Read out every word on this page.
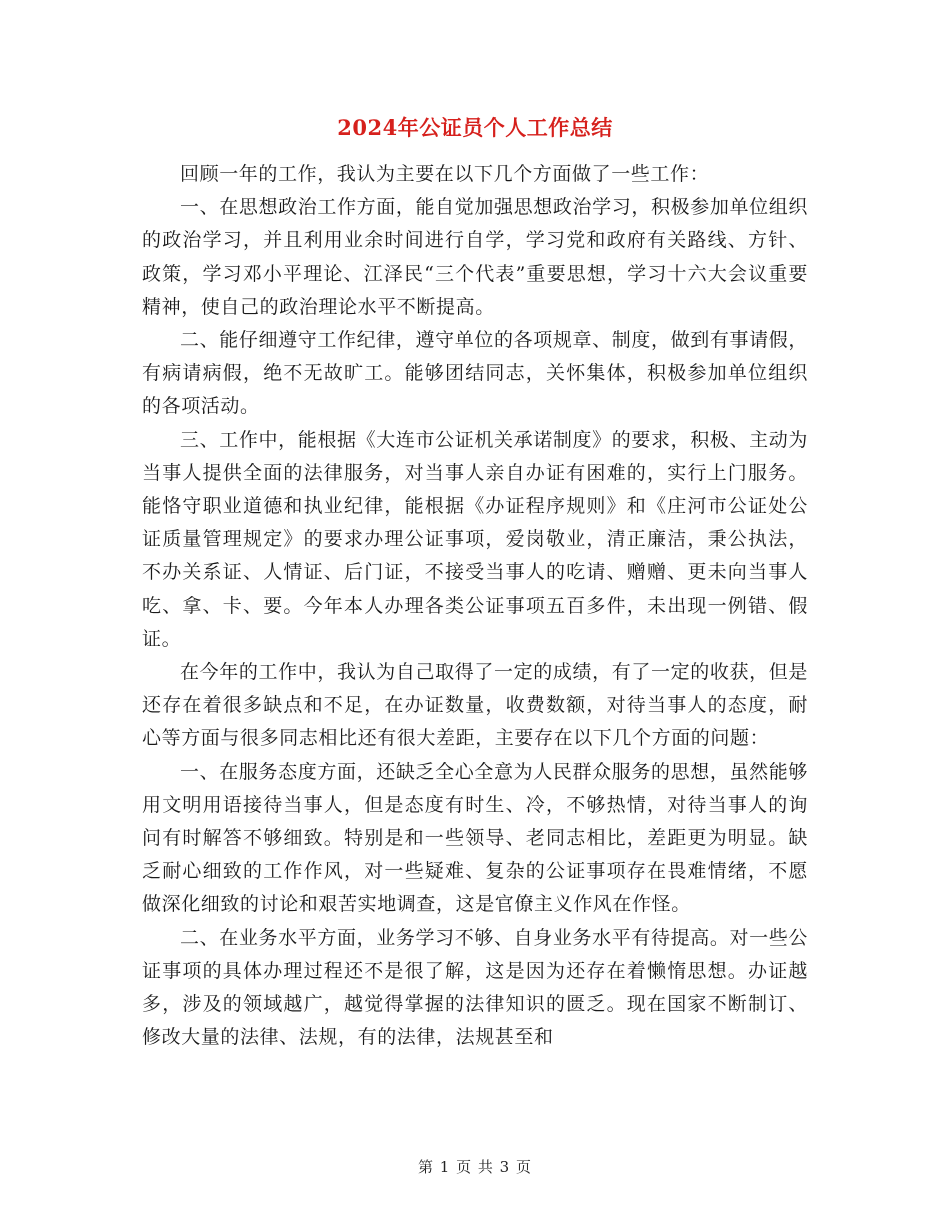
2024年公证员个人工作总结

回顾一年的工作，我认为主要在以下几个方面做了一些工作：

一、在思想政治工作方面，能自觉加强思想政治学习，积极参加单位组织的政治学习，并且利用业余时间进行自学，学习党和政府有关路线、方针、政策，学习邓小平理论、江泽民“三个代表”重要思想，学习十六大会议重要精神，使自己的政治理论水平不断提高。

二、能仔细遵守工作纪律，遵守单位的各项规章、制度，做到有事请假，有病请病假，绝不无故旷工。能够团结同志，关怀集体，积极参加单位组织的各项活动。

三、工作中，能根据《大连市公证机关承诺制度》的要求，积极、主动为当事人提供全面的法律服务，对当事人亲自办证有困难的，实行上门服务。能恪守职业道德和执业纪律，能根据《办证程序规则》和《庄河市公证处公证质量管理规定》的要求办理公证事项，爱岗敬业，清正廉洁，秉公执法，不办关系证、人情证、后门证，不接受当事人的吃请、赠赠、更未向当事人吃、拿、卡、要。今年本人办理各类公证事项五百多件，未出现一例错、假证。

在今年的工作中，我认为自己取得了一定的成绩，有了一定的收获，但是还存在着很多缺点和不足，在办证数量，收费数额，对待当事人的态度，耐心等方面与很多同志相比还有很大差距，主要存在以下几个方面的问题：

一、在服务态度方面，还缺乏全心全意为人民群众服务的思想，虽然能够用文明用语接待当事人，但是态度有时生、冷，不够热情，对待当事人的询问有时解答不够细致。特别是和一些领导、老同志相比，差距更为明显。缺乏耐心细致的工作作风，对一些疑难、复杂的公证事项存在畏难情绪，不愿做深化细致的讨论和艰苦实地调查，这是官僚主义作风在作怪。

二、在业务水平方面，业务学习不够、自身业务水平有待提高。对一些公证事项的具体办理过程还不是很了解，这是因为还存在着懒惰思想。办证越多，涉及的领域越广，越觉得掌握的法律知识的匮乏。现在国家不断制订、修改大量的法律、法规，有的法律，法规甚至和

第 1 页 共 3 页
